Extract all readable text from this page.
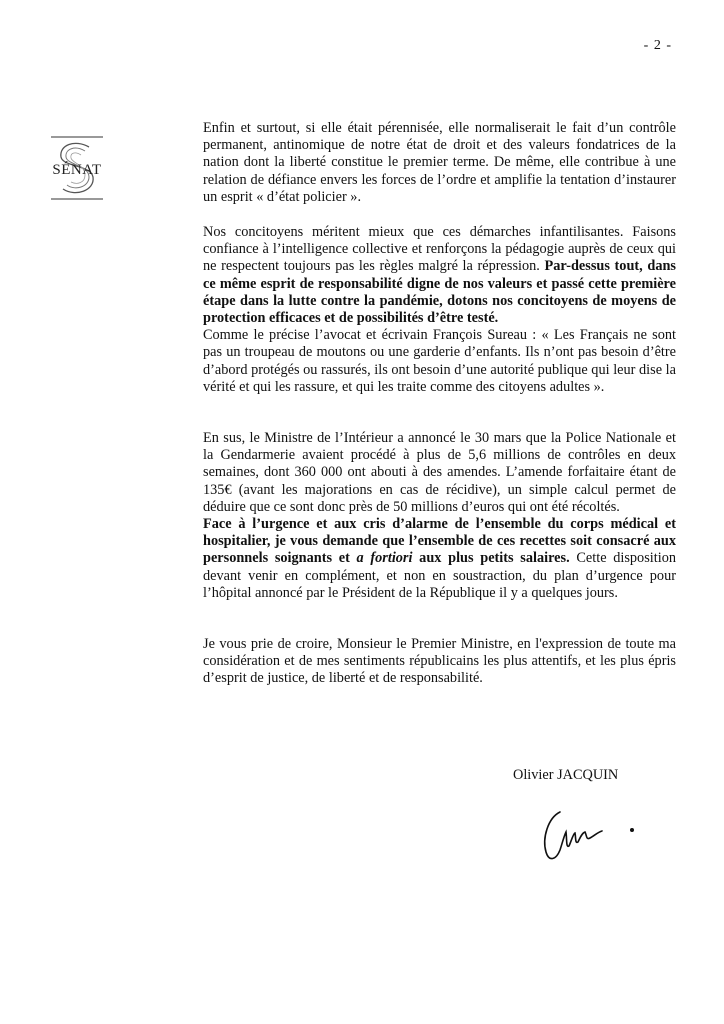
- 2 -
SÉNAT

Enfin et surtout, si elle était pérennisée, elle normaliserait le fait d’un contrôle permanent, antinomique de notre état de droit et des valeurs fondatrices de la nation dont la liberté constitue le premier terme. De même, elle contribue à une relation de défiance envers les forces de l’ordre et amplifie la tentation d’instaurer un esprit « d’état policier ».

Nos concitoyens méritent mieux que ces démarches infantilisantes. Faisons confiance à l’intelligence collective et renforçons la pédagogie auprès de ceux qui ne respectent toujours pas les règles malgré la répression. Par-dessus tout, dans ce même esprit de responsabilité digne de nos valeurs et passé cette première étape dans la lutte contre la pandémie, dotons nos concitoyens de moyens de protection efficaces et de possibilités d’être testé.

Comme le précise l’avocat et écrivain François Sureau : « Les Français ne sont pas un troupeau de moutons ou une garderie d’enfants. Ils n’ont pas besoin d’être d’abord protégés ou rassurés, ils ont besoin d’une autorité publique qui leur dise la vérité et qui les rassure, et qui les traite comme des citoyens adultes ».

En sus, le Ministre de l’Intérieur a annoncé le 30 mars que la Police Nationale et la Gendarmerie avaient procédé à plus de 5,6 millions de contrôles en deux semaines, dont 360 000 ont abouti à des amendes. L’amende forfaitaire étant de 135€ (avant les majorations en cas de récidive), un simple calcul permet de déduire que ce sont donc près de 50 millions d’euros qui ont été récoltés.

Face à l’urgence et aux cris d’alarme de l’ensemble du corps médical et hospitalier, je vous demande que l’ensemble de ces recettes soit consacré aux personnels soignants et a fortiori aux plus petits salaires. Cette disposition devant venir en complément, et non en soustraction, du plan d’urgence pour l’hôpital annoncé par le Président de la République il y a quelques jours.

Je vous prie de croire, Monsieur le Premier Ministre, en l'expression de toute ma considération et de mes sentiments républicains les plus attentifs, et les plus épris d’esprit de justice, de liberté et de responsabilité.

Olivier JACQUIN
